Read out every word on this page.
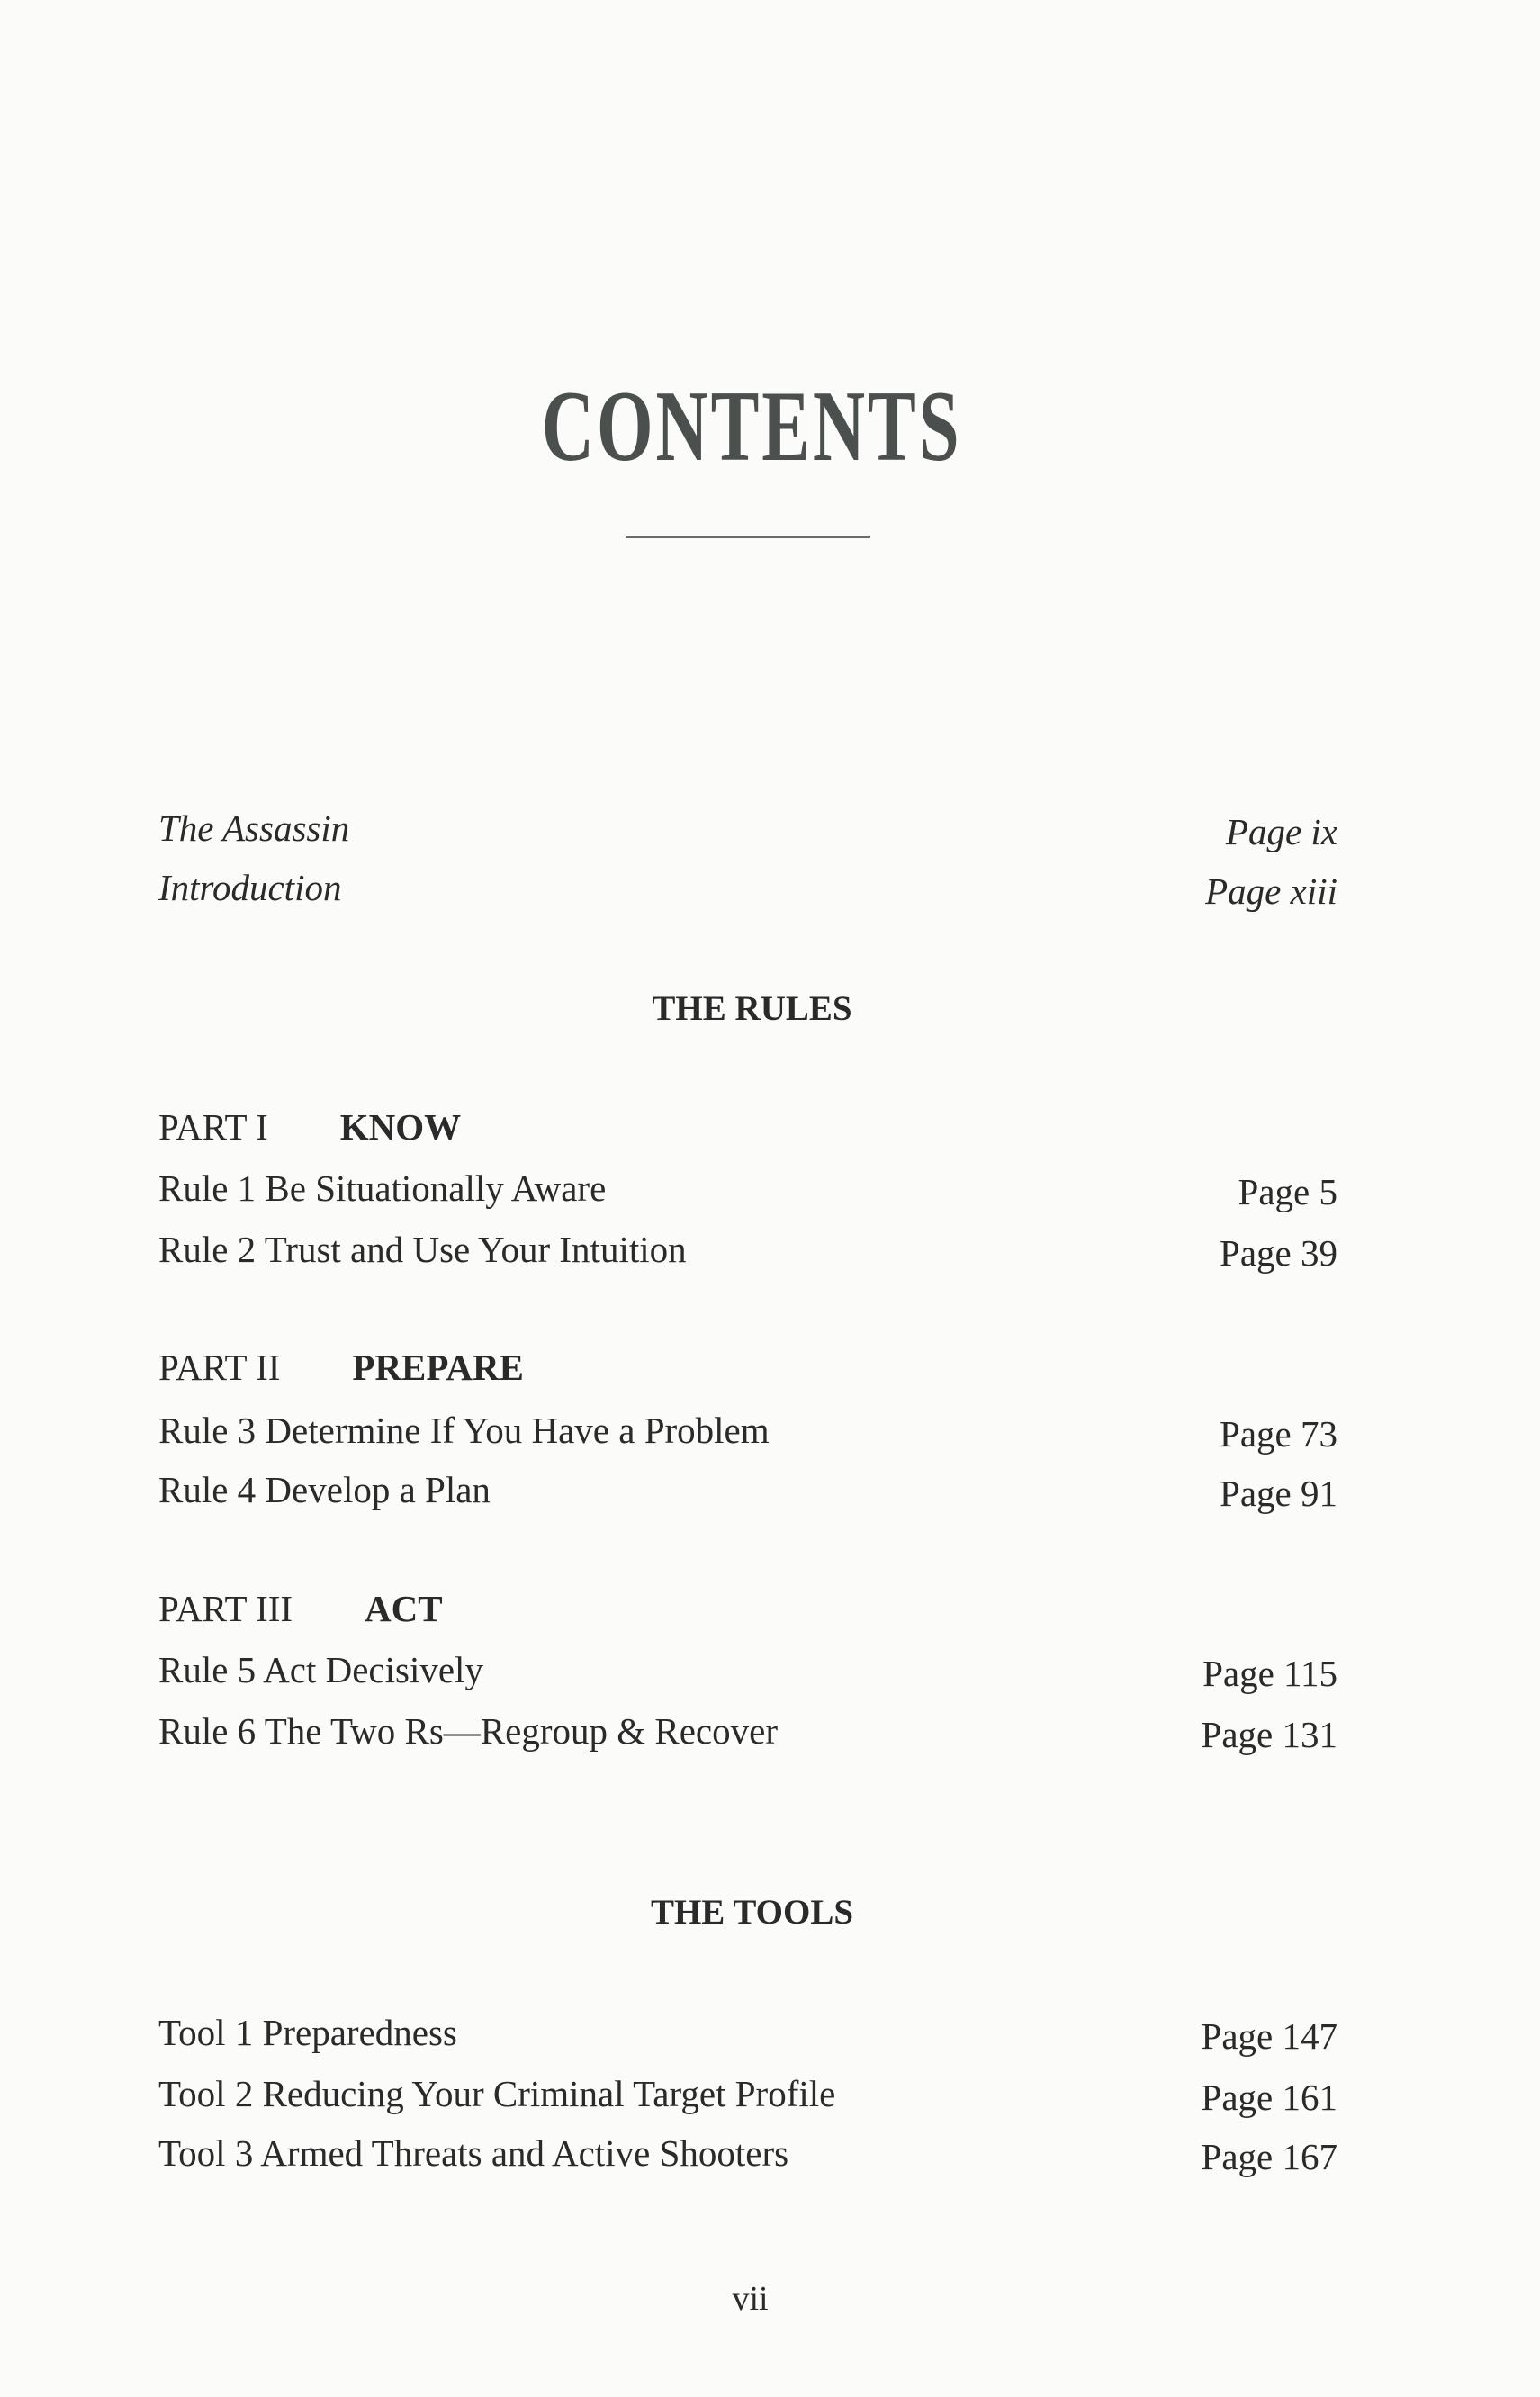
CONTENTS
The Assassin	Page ix
Introduction	Page xiii
THE RULES
PART I KNOW
Rule 1 Be Situationally Aware	Page 5
Rule 2 Trust and Use Your Intuition	Page 39
PART II PREPARE
Rule 3 Determine If You Have a Problem	Page 73
Rule 4 Develop a Plan	Page 91
PART III ACT
Rule 5 Act Decisively	Page 115
Rule 6 The Two Rs—Regroup & Recover	Page 131
THE TOOLS
Tool 1 Preparedness	Page 147
Tool 2 Reducing Your Criminal Target Profile	Page 161
Tool 3 Armed Threats and Active Shooters	Page 167
vii
